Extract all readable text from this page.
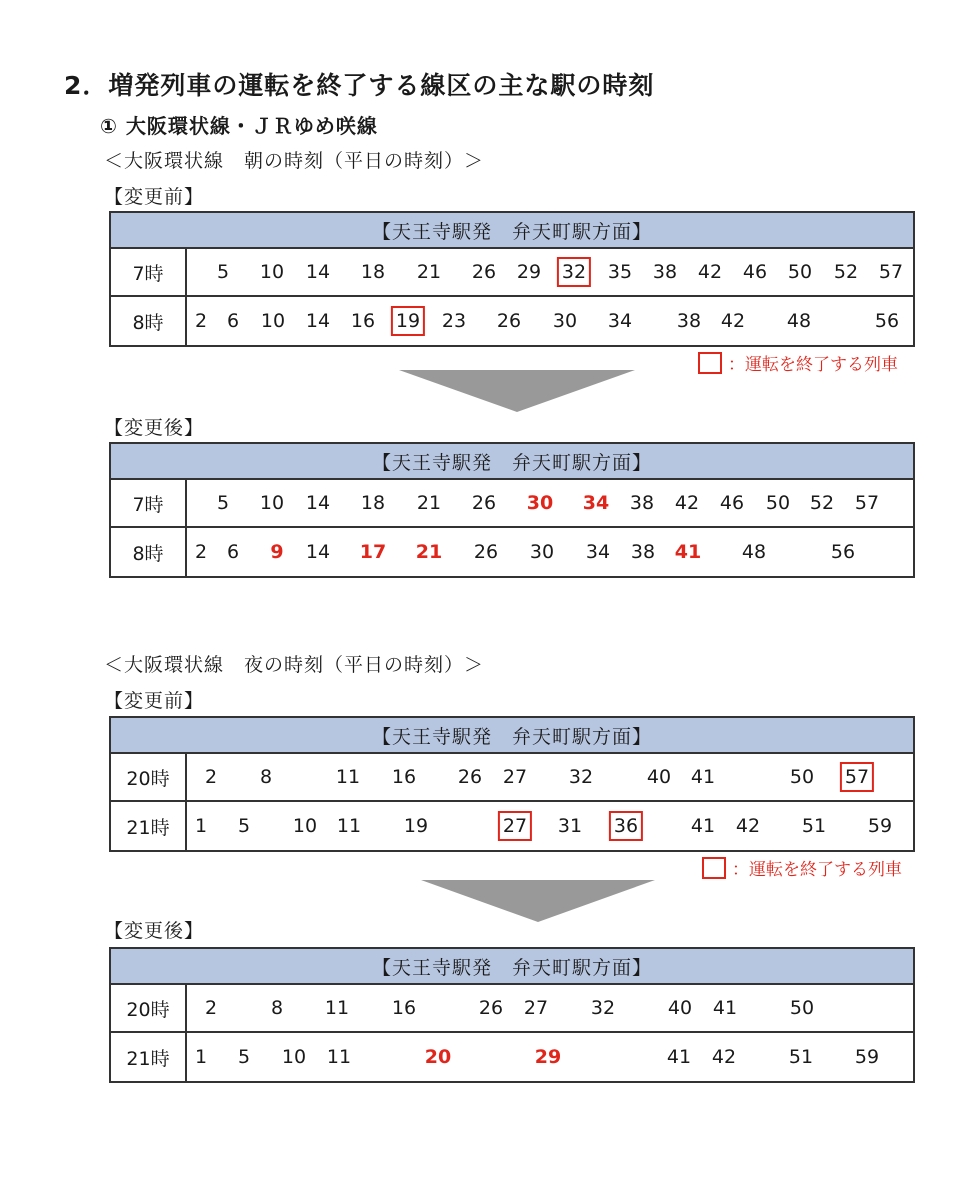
2．増発列車の運転を終了する線区の主な駅の時刻
① 大阪環状線・ＪＲゆめ咲線
＜大阪環状線　朝の時刻（平日の時刻）＞
【変更前】
【天王寺駅発　弁天町駅方面】
7時	5 10 14 18 21 26 29 32 35 38 42 46 50 52 57
8時	2 6 10 14 16 19 23 26 30 34 38 42 48	56
：運転を終了する列車
【変更後】
【天王寺駅発　弁天町駅方面】
7時	5 10 14 18 21 26 30 34 38 42 46 50 52 57
8時	2 6 9 14 17 21 26 30 34 38 41 48	56
＜大阪環状線　夜の時刻（平日の時刻）＞
【変更前】
【天王寺駅発　弁天町駅方面】
20時	2 8	11 16 26 27 32	40 41	50 57
21時	1 5 10 11 19	27 31 36	41 42 51 59
：運転を終了する列車
【変更後】
【天王寺駅発　弁天町駅方面】
20時	2	8 11 16	26 27 32	40 41	50
21時	1 5 10 11	20	29	41 42	51 59
